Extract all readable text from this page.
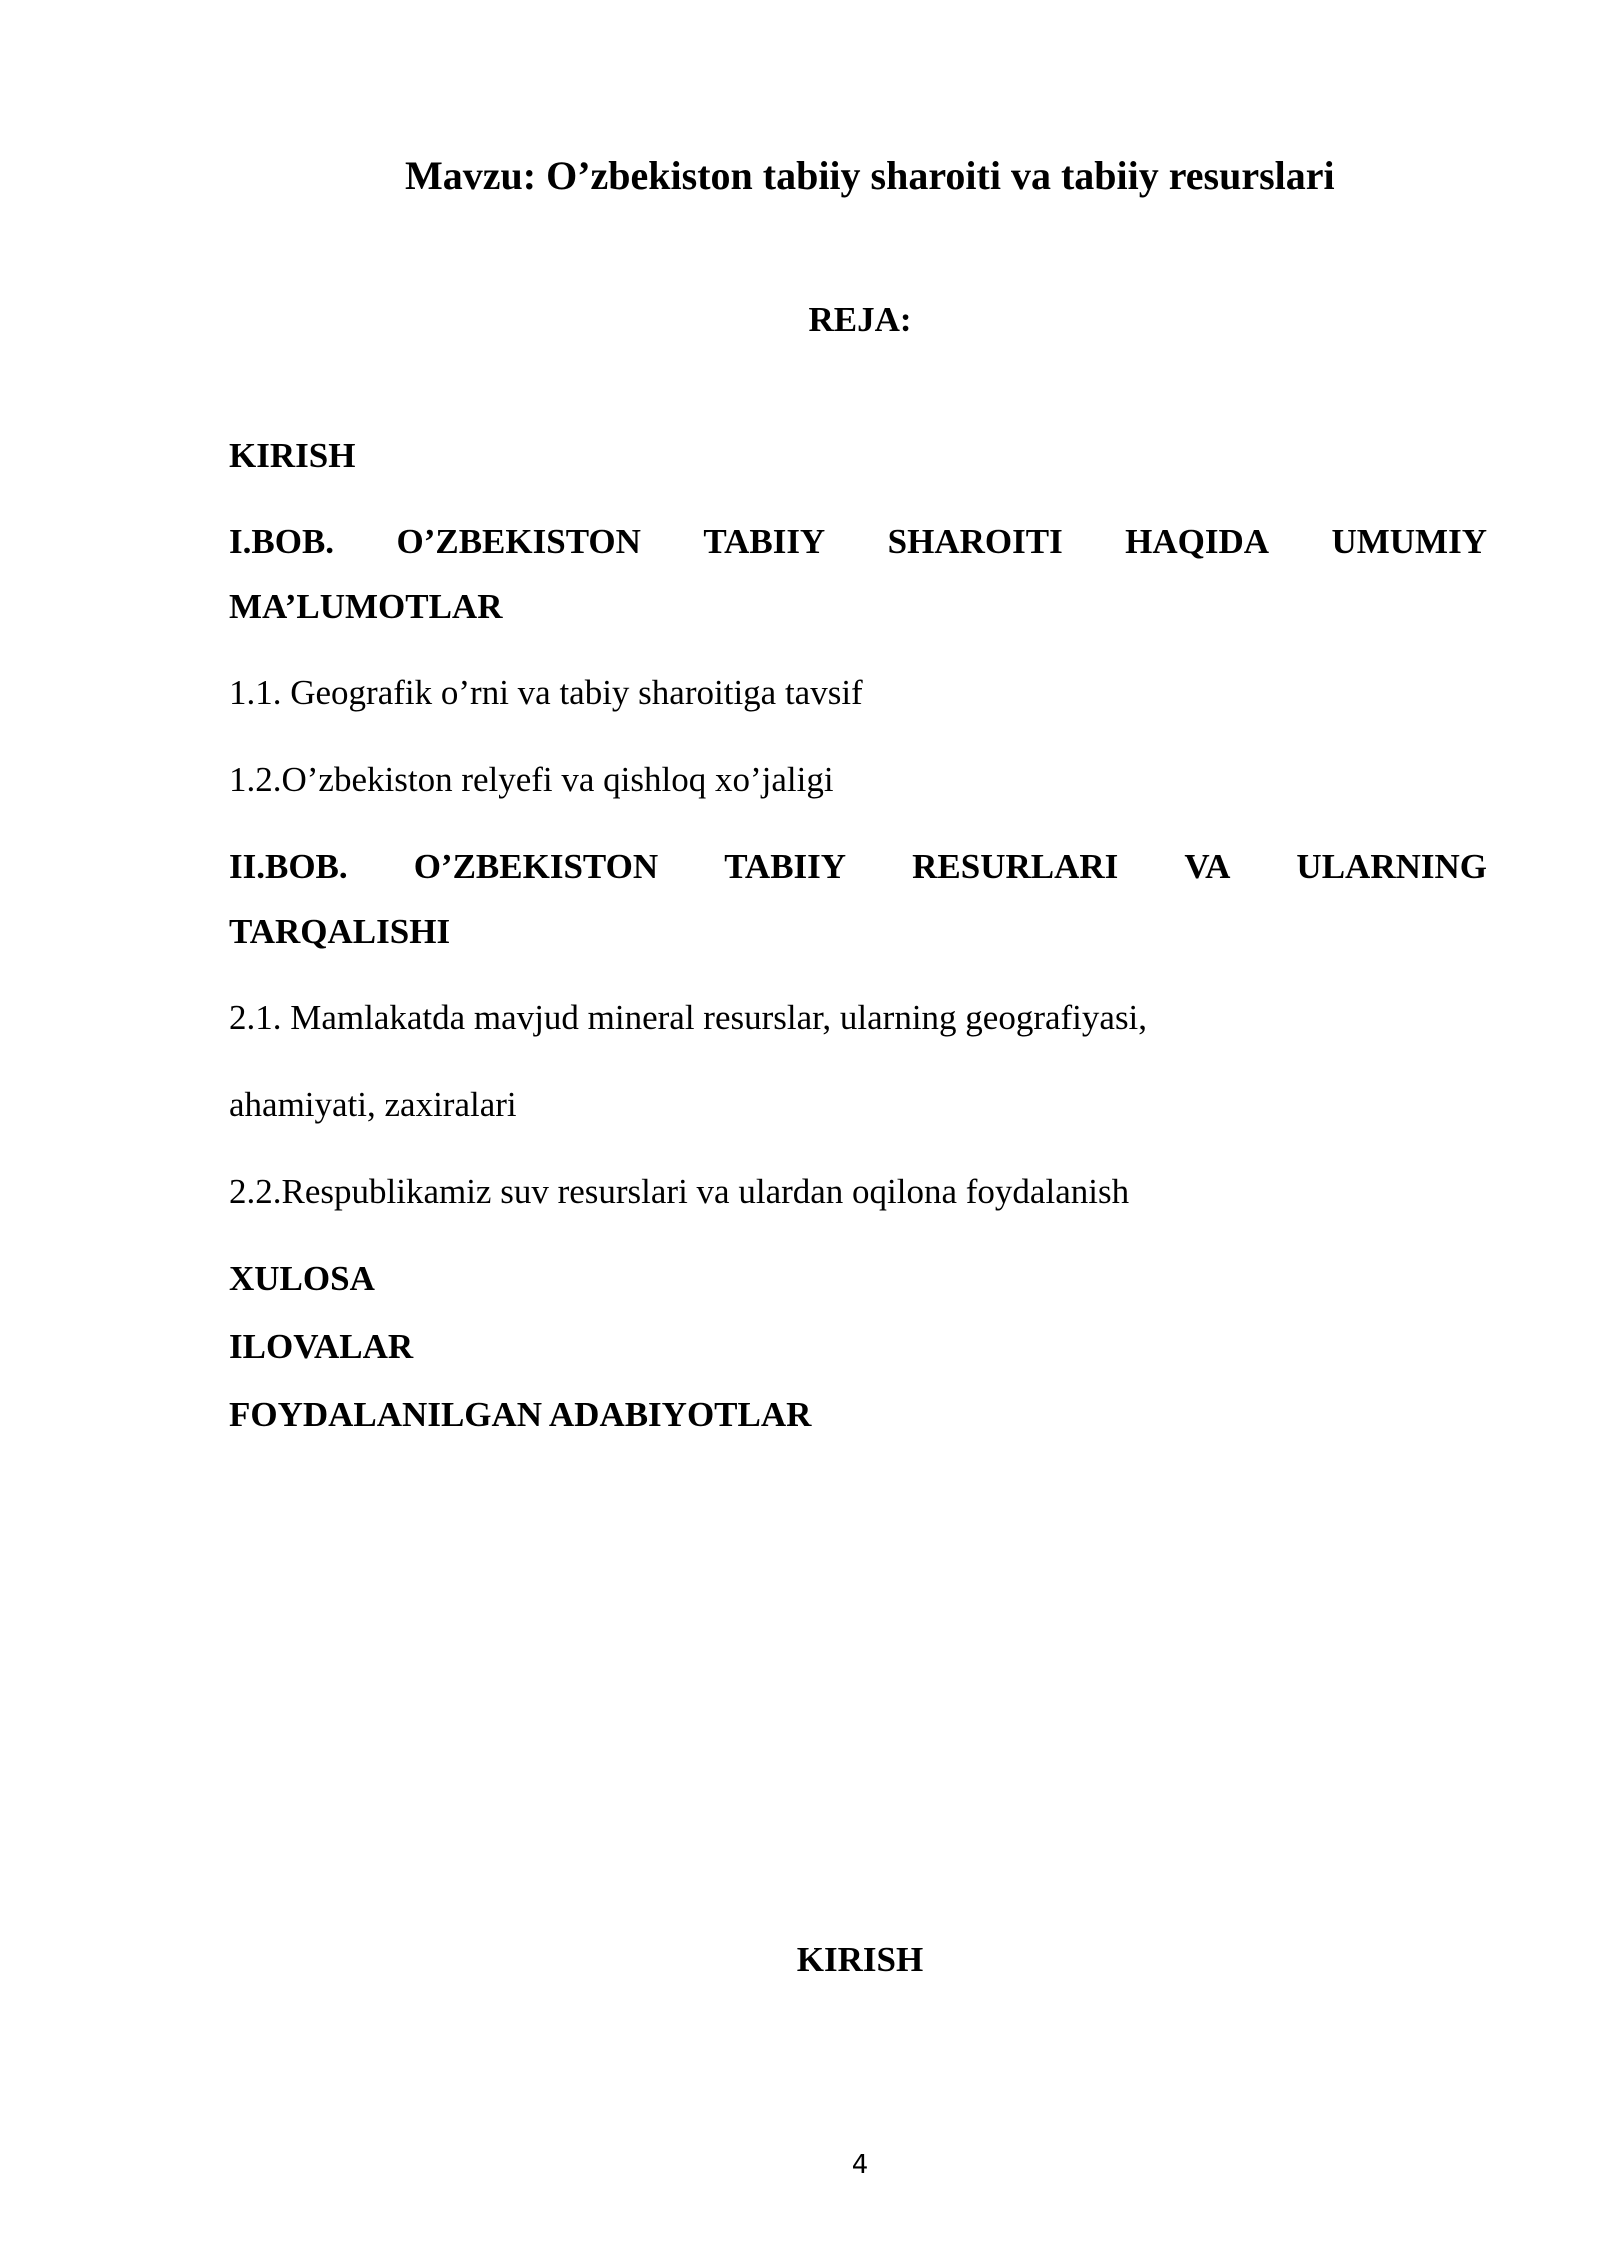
Mavzu: O’zbekiston tabiiy sharoiti va tabiiy resurslari
REJA:
KIRISH
I.BOB. O’ZBEKISTON TABIIY SHAROITI HAQIDA UMUMIY
MA’LUMOTLAR
1.1. Geografik o’rni va tabiy sharoitiga tavsif
1.2.O’zbekiston relyefi va qishloq xo’jaligi
II.BOB. O’ZBEKISTON TABIIY RESURLARI VA ULARNING
TARQALISHI
2.1. Mamlakatda mavjud mineral resurslar, ularning geografiyasi,
ahamiyati, zaxiralari
2.2.Respublikamiz suv resurslari va ulardan oqilona foydalanish
XULOSA
ILOVALAR
FOYDALANILGAN ADABIYOTLAR
KIRISH
4
